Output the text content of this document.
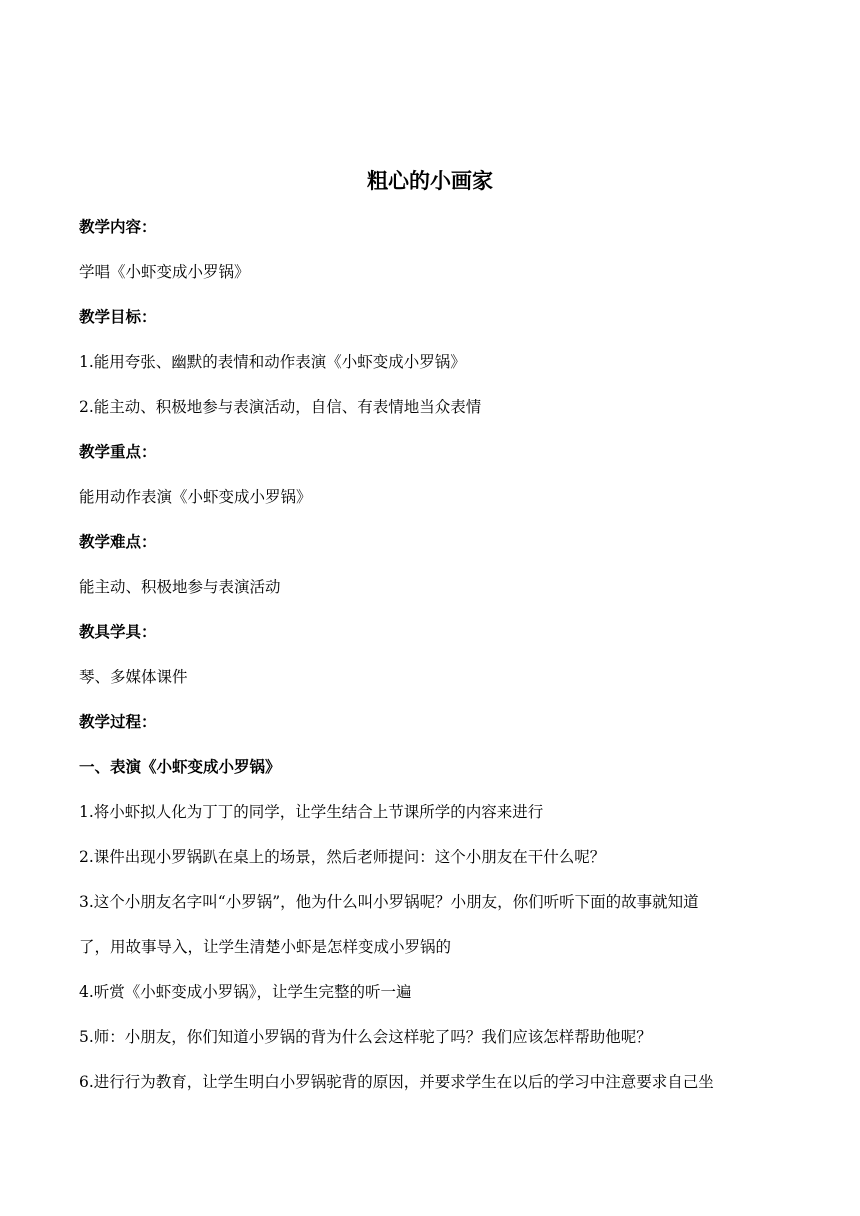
粗心的小画家
教学内容：
学唱《小虾变成小罗锅》
教学目标：
1.能用夸张、幽默的表情和动作表演《小虾变成小罗锅》
2.能主动、积极地参与表演活动，自信、有表情地当众表情
教学重点：
能用动作表演《小虾变成小罗锅》
教学难点：
能主动、积极地参与表演活动
教具学具：
琴、多媒体课件
教学过程：
一、表演《小虾变成小罗锅》
1.将小虾拟人化为丁丁的同学，让学生结合上节课所学的内容来进行
2.课件出现小罗锅趴在桌上的场景，然后老师提问：这个小朋友在干什么呢？
3.这个小朋友名字叫“小罗锅”，他为什么叫小罗锅呢？小朋友，你们听听下面的故事就知道
了，用故事导入，让学生清楚小虾是怎样变成小罗锅的
4.听赏《小虾变成小罗锅》，让学生完整的听一遍
5.师：小朋友，你们知道小罗锅的背为什么会这样驼了吗？我们应该怎样帮助他呢？
6.进行行为教育，让学生明白小罗锅驼背的原因，并要求学生在以后的学习中注意要求自己坐
